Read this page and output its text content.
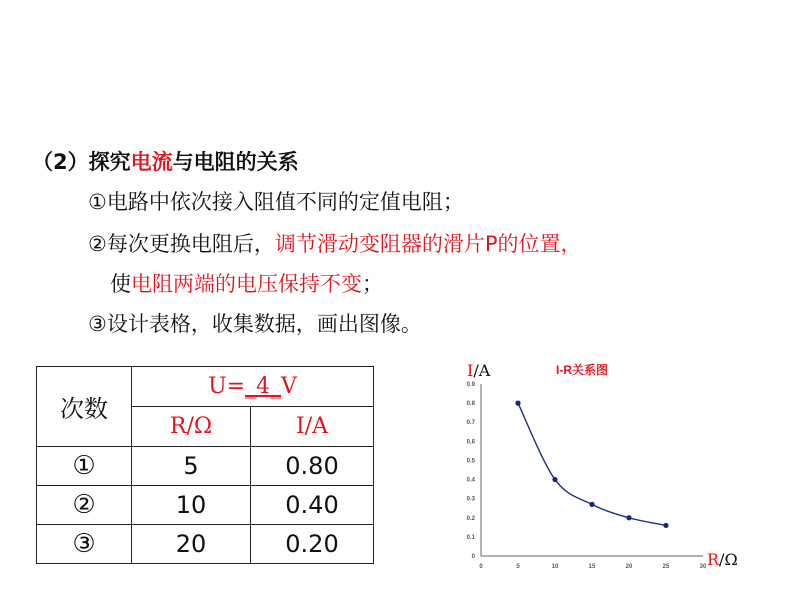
（2）探究电流与电阻的关系
①电路中依次接入阻值不同的定值电阻；
②每次更换电阻后，调节滑动变阻器的滑片P的位置，
使电阻两端的电压保持不变；
③设计表格，收集数据，画出图像。
次数	U=_4_V	
	R/Ω	I/A
①	5	0.80
②	10	0.40
③	20	0.20
I/A	I-R关系图
R/Ω
0
0.1
0.2
0.3
0.4
0.5
0.6
0.7
0.8
0.9
0	5	10	15	20	25	30
